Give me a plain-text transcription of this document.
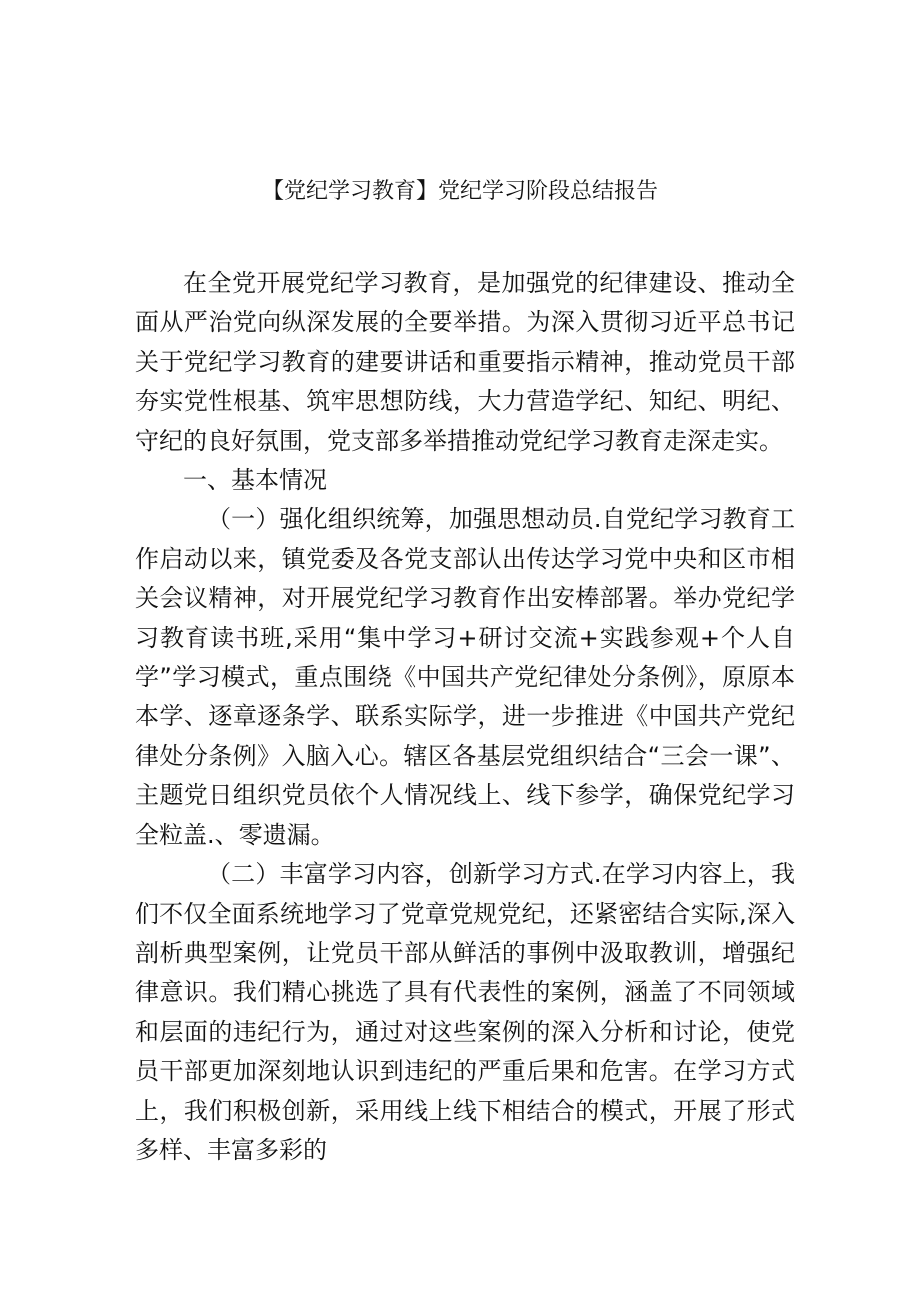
【党纪学习教育】党纪学习阶段总结报告

在全党开展党纪学习教育，是加强党的纪律建设、推动全面从严治党向纵深发展的全要举措。为深入贯彻习近平总书记关于党纪学习教育的建要讲话和重要指示精神，推动党员干部夯实党性根基、筑牢思想防线，大力营造学纪、知纪、明纪、守纪的良好氛围，党支部多举措推动党纪学习教育走深走实。

一、基本情况

（一）强化组织统筹，加强思想动员.自党纪学习教育工作启动以来，镇党委及各党支部认出传达学习党中央和区市相关会议精神，对开展党纪学习教育作出安棒部署。举办党纪学习教育读书班,采用“集中学习+研讨交流+实践参观+个人自学”学习模式，重点围绕《中国共产党纪律处分条例》，原原本本学、逐章逐条学、联系实际学，进一步推进《中国共产党纪律处分条例》入脑入心。辖区各基层党组织结合“三会一课”、主题党日组织党员依个人情况线上、线下参学，确保党纪学习全粒盖.、零遗漏。

（二）丰富学习内容，创新学习方式.在学习内容上，我们不仅全面系统地学习了党章党规党纪，还紧密结合实际,深入剖析典型案例，让党员干部从鲜活的事例中汲取教训，增强纪律意识。我们精心挑选了具有代表性的案例，涵盖了不同领域和层面的违纪行为，通过对这些案例的深入分析和讨论，使党员干部更加深刻地认识到违纪的严重后果和危害。在学习方式上，我们积极创新，采用线上线下相结合的模式，开展了形式多样、丰富多彩的
